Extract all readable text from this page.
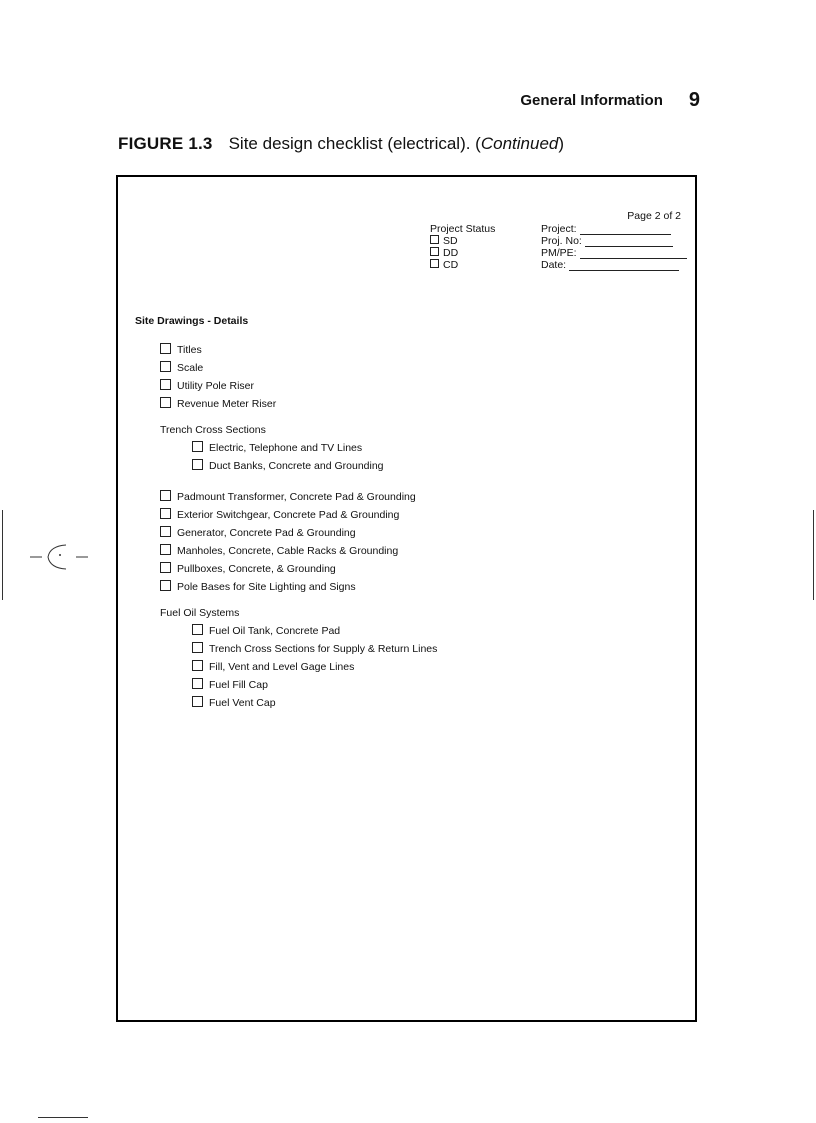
General Information 9
FIGURE 1.3 Site design checklist (electrical). (Continued)
Page 2 of 2
Project Status
SD
DD
CD
Project:
Proj. No:
PM/PE:
Date:
Site Drawings - Details
Titles
Scale
Utility Pole Riser
Revenue Meter Riser
Trench Cross Sections
Electric, Telephone and TV Lines
Duct Banks, Concrete and Grounding
Padmount Transformer, Concrete Pad & Grounding
Exterior Switchgear, Concrete Pad & Grounding
Generator, Concrete Pad & Grounding
Manholes, Concrete, Cable Racks & Grounding
Pullboxes, Concrete, & Grounding
Pole Bases for Site Lighting and Signs
Fuel Oil Systems
Fuel Oil Tank, Concrete Pad
Trench Cross Sections for Supply & Return Lines
Fill, Vent and Level Gage Lines
Fuel Fill Cap
Fuel Vent Cap
